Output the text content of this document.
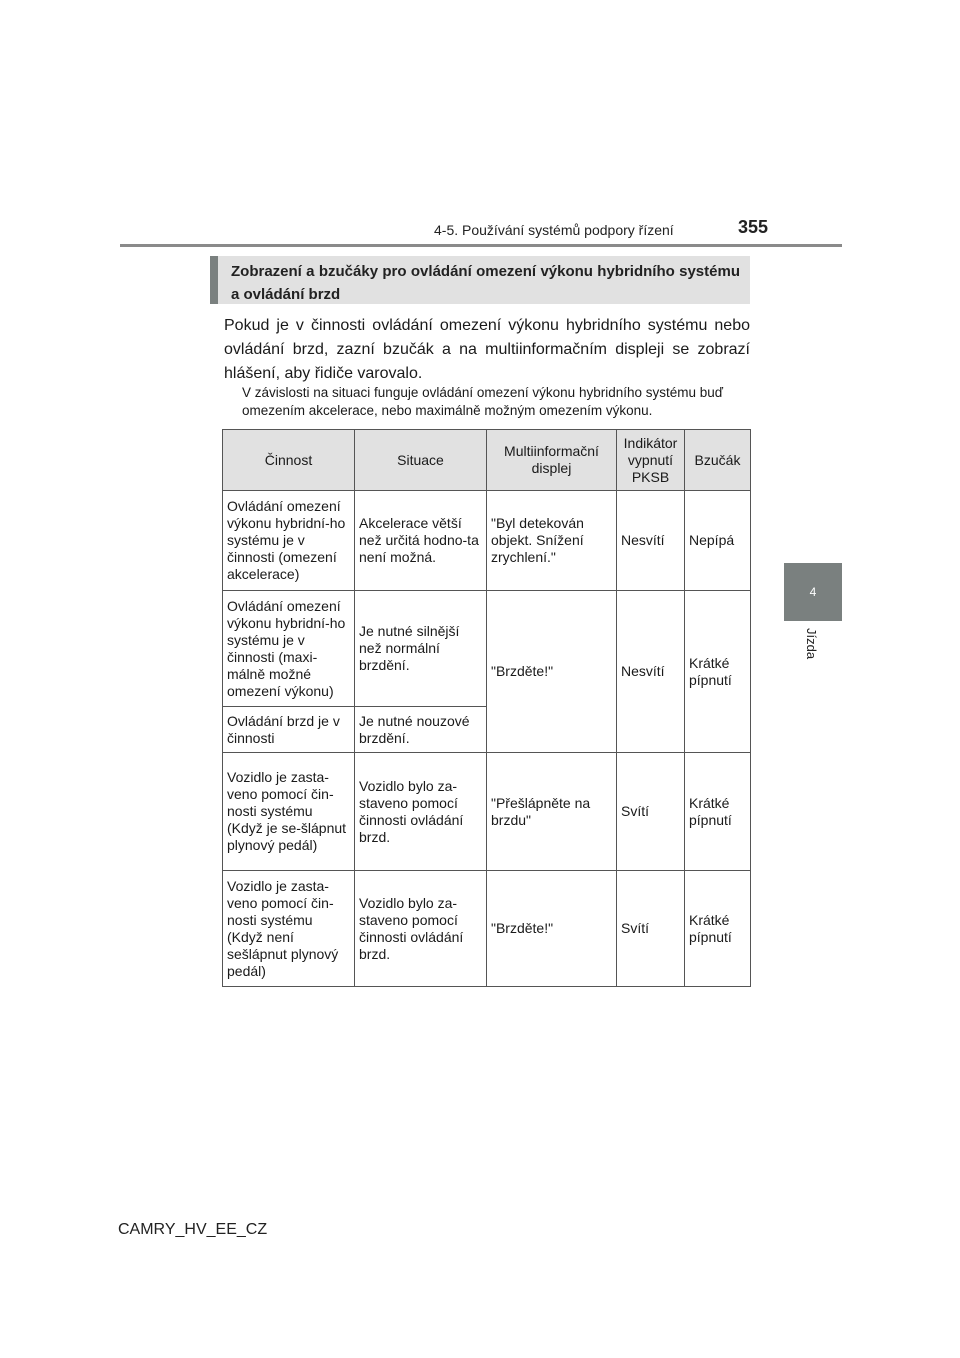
4-5. Používání systémů podpory řízení	355
4
Jízda
Zobrazení a bzučáky pro ovládání omezení výkonu hybridního systému a ovládání brzd
Pokud je v činnosti ovládání omezení výkonu hybridního systému nebo ovládání brzd, zazní bzučák a na multiinformačním displeji se zobrazí hlášení, aby řidiče varovalo.
V závislosti na situaci funguje ovládání omezení výkonu hybridního systému buď omezením akcelerace, nebo maximálně možným omezením výkonu.
Činnost	Situace	Multiinformační displej	Indikátor vypnutí PKSB	Bzučák
Ovládání omezení výkonu hybridní-ho systému je v činnosti (omezení akcelerace)	Akcelerace větší než určitá hodno-ta není možná.	"Byl detekován objekt. Snížení zrychlení."	Nesvítí	Nepípá
Ovládání omezení výkonu hybridní-ho systému je v činnosti (maxi-málně možné omezení výkonu)	Je nutné silnější než normální brzdění.	"Brzděte!"	Nesvítí	Krátké pípnutí
Ovládání brzd je v činnosti	Je nutné nouzové brzdění.			
Vozidlo je zasta-veno pomocí čin-nosti systému (Když je se-šlápnut plynový pedál)	Vozidlo bylo za-staveno pomocí činnosti ovládání brzd.	"Přešlápněte na brzdu"	Svítí	Krátké pípnutí
Vozidlo je zasta-veno pomocí čin-nosti systému (Když není sešlápnut plynový pedál)	Vozidlo bylo za-staveno pomocí činnosti ovládání brzd.	"Brzděte!"	Svítí	Krátké pípnutí
CAMRY_HV_EE_CZ
